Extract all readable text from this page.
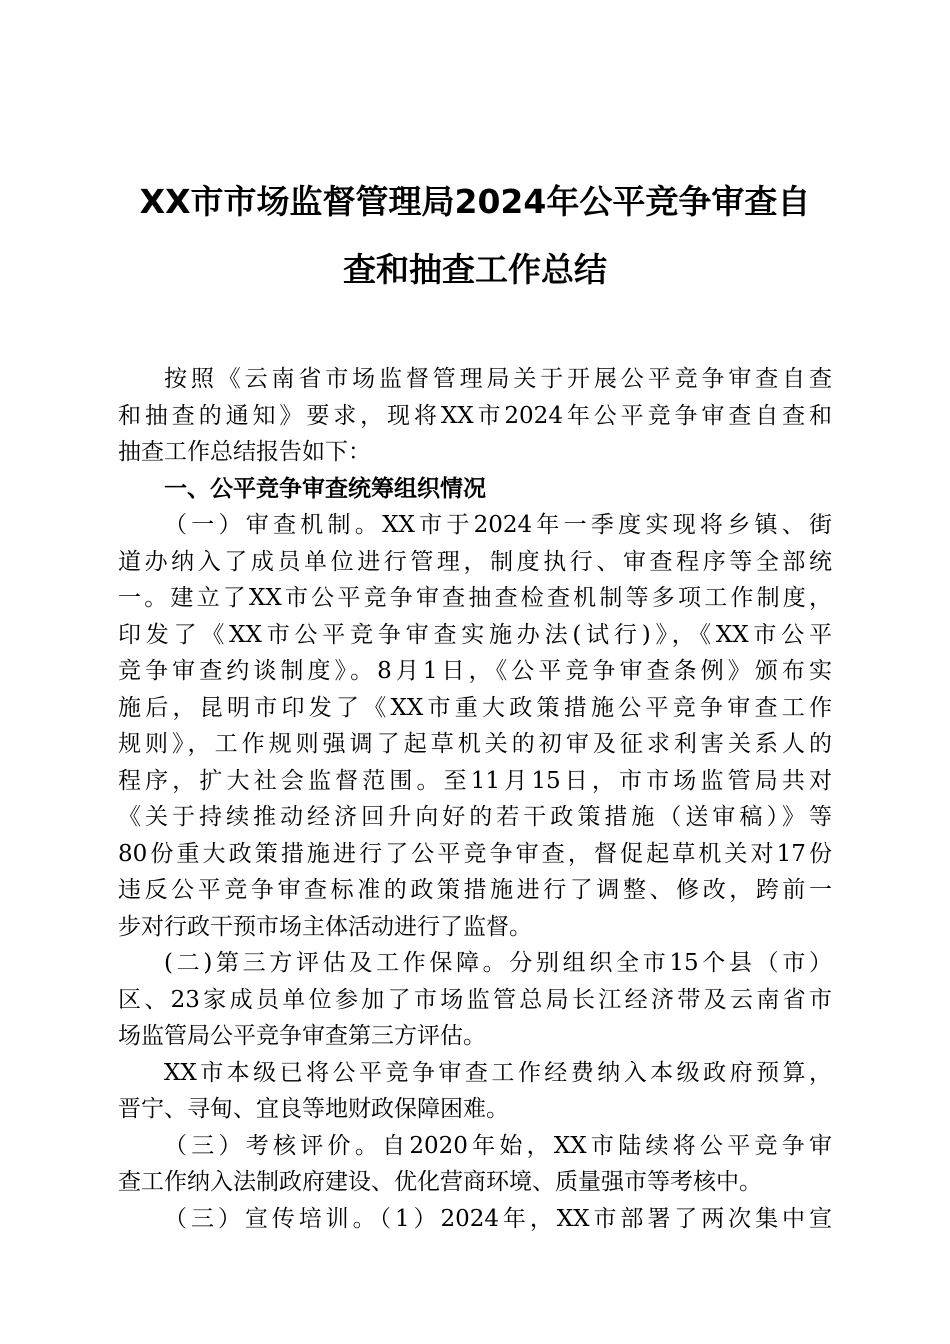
XX市市场监督管理局2024年公平竞争审查自
查和抽查工作总结
按照《云南省市场监督管理局关于开展公平竞争审查自查
和抽查的通知》要求，现将XX市2024年公平竞争审查自查和
抽查工作总结报告如下：
一、公平竞争审查统筹组织情况
（一）审查机制。XX市于2024年一季度实现将乡镇、街
道办纳入了成员单位进行管理，制度执行、审查程序等全部统
一。建立了XX市公平竞争审查抽查检查机制等多项工作制度，
印发了《XX市公平竞争审查实施办法(试行)》，《XX市公平
竞争审查约谈制度》。8月1日，《公平竞争审查条例》颁布实
施后，昆明市印发了《XX市重大政策措施公平竞争审查工作
规则》，工作规则强调了起草机关的初审及征求利害关系人的
程序，扩大社会监督范围。至11月15日，市市场监管局共对
《关于持续推动经济回升向好的若干政策措施（送审稿）》等
80份重大政策措施进行了公平竞争审查，督促起草机关对17份
违反公平竞争审查标准的政策措施进行了调整、修改，跨前一
步对行政干预市场主体活动进行了监督。
(二)第三方评估及工作保障。分别组织全市15个县（市）
区、23家成员单位参加了市场监管总局长江经济带及云南省市
场监管局公平竞争审查第三方评估。
XX市本级已将公平竞争审查工作经费纳入本级政府预算，
晋宁、寻甸、宜良等地财政保障困难。
（三）考核评价。自2020年始，XX市陆续将公平竞争审
查工作纳入法制政府建设、优化营商环境、质量强市等考核中。
（三）宣传培训。（1）2024年，XX市部署了两次集中宣
